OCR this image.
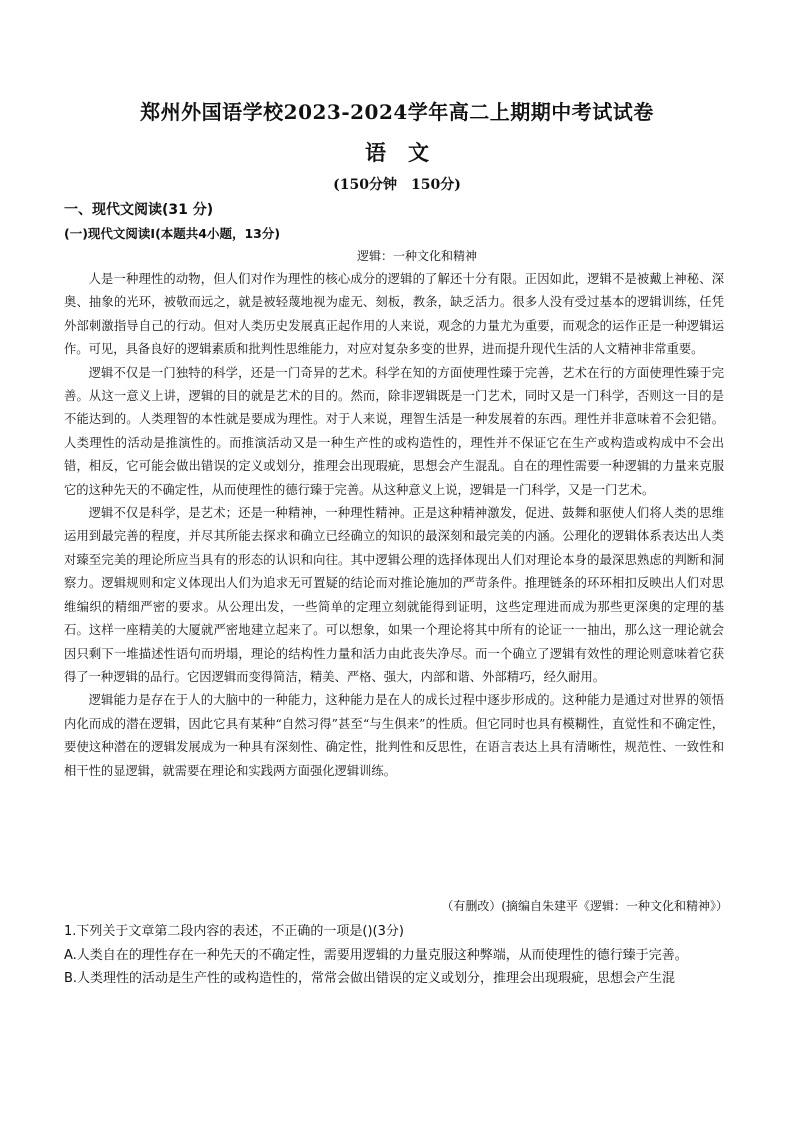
郑州外国语学校2023-2024学年高二上期期中考试试卷
语文
(150分钟　150分)
一、现代文阅读(31 分)
(一)现代文阅读Ⅰ(本题共4小题，13分)
逻辑：一种文化和精神

人是一种理性的动物，但人们对作为理性的核心成分的逻辑的了解还十分有限。正因如此，逻辑不是被戴上神秘、深奥、抽象的光环，被敬而远之，就是被轻蔑地视为虚无、刻板，教条，缺乏活力。很多人没有受过基本的逻辑训练，任凭外部刺激指导自己的行动。但对人类历史发展真正起作用的人来说，观念的力量尤为重要，而观念的运作正是一种逻辑运作。可见，具备良好的逻辑素质和批判性思维能力，对应对复杂多变的世界，进而提升现代生活的人文精神非常重要。

逻辑不仅是一门独特的科学，还是一门奇异的艺术。科学在知的方面使理性臻于完善，艺术在行的方面使理性臻于完善。从这一意义上讲，逻辑的目的就是艺术的目的。然而，除非逻辑既是一门艺术，同时又是一门科学，否则这一目的是不能达到的。人类理智的本性就是要成为理性。对于人来说，理智生活是一种发展着的东西。理性并非意味着不会犯错。人类理性的活动是推演性的。而推演活动又是一种生产性的或构造性的，理性并不保证它在生产或构造或构成中不会出错，相反，它可能会做出错误的定义或划分，推理会出现瑕疵，思想会产生混乱。自在的理性需要一种逻辑的力量来克服它的这种先天的不确定性，从而使理性的德行臻于完善。从这种意义上说，逻辑是一门科学，又是一门艺术。

逻辑不仅是科学，是艺术；还是一种精神，一种理性精神。正是这种精神激发，促进、鼓舞和驱使人们将人类的思维运用到最完善的程度，并尽其所能去探求和确立已经确立的知识的最深刻和最完美的内涵。公理化的逻辑体系表达出人类对臻至完美的理论所应当具有的形态的认识和向往。其中逻辑公理的选择体现出人们对理论本身的最深思熟虑的判断和洞察力。逻辑规则和定义体现出人们为追求无可置疑的结论而对推论施加的严苛条件。推理链条的环环相扣反映出人们对思维编织的精细严密的要求。从公理出发，一些简单的定理立刻就能得到证明，这些定理进而成为那些更深奥的定理的基石。这样一座精美的大厦就严密地建立起来了。可以想象，如果一个理论将其中所有的论证一一抽出，那么这一理论就会因只剩下一堆描述性语句而坍塌，理论的结构性力量和活力由此丧失净尽。而一个确立了逻辑有效性的理论则意味着它获得了一种逻辑的品行。它因逻辑而变得简洁，精美、严格、强大，内部和谐、外部精巧，经久耐用。

逻辑能力是存在于人的大脑中的一种能力，这种能力是在人的成长过程中逐步形成的。这种能力是通过对世界的领悟内化而成的潜在逻辑，因此它具有某种“自然习得”甚至“与生俱来”的性质。但它同时也具有模糊性，直觉性和不确定性，要使这种潜在的逻辑发展成为一种具有深刻性、确定性，批判性和反思性，在语言表达上具有清晰性，规范性、一致性和相干性的显逻辑，就需要在理论和实践两方面强化逻辑训练。

（有删改）(摘编自朱建平《逻辑：一种文化和精神》）
1.下列关于文章第二段内容的表述，不正确的一项是()(3分)
A.人类自在的理性存在一种先天的不确定性，需要用逻辑的力量克服这种弊端，从而使理性的德行臻于完善。
B.人类理性的活动是生产性的或构造性的，常常会做出错误的定义或划分，推理会出现瑕疵，思想会产生混
